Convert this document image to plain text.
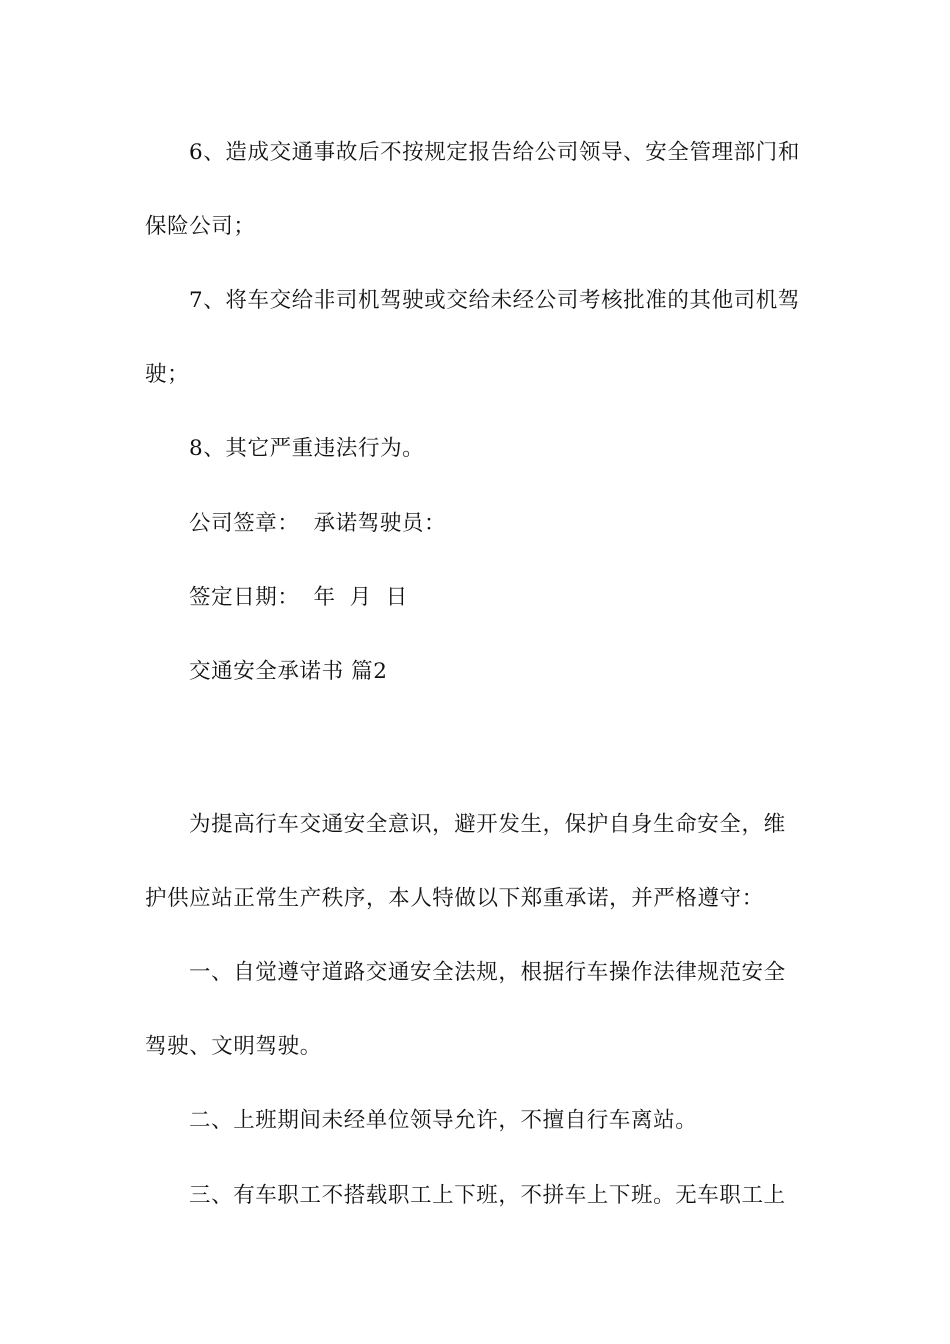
6、造成交通事故后不按规定报告给公司领导、安全管理部门和
保险公司；
7、将车交给非司机驾驶或交给未经公司考核批准的其他司机驾
驶；
8、其它严重违法行为。
公司签章： 承诺驾驶员：
签定日期： 年 月 日
交通安全承诺书 篇2
为提高行车交通安全意识，避开发生，保护自身生命安全，维
护供应站正常生产秩序，本人特做以下郑重承诺，并严格遵守：
一、自觉遵守道路交通安全法规，根据行车操作法律规范安全
驾驶、文明驾驶。
二、上班期间未经单位领导允许，不擅自行车离站。
三、有车职工不搭载职工上下班，不拼车上下班。无车职工上
